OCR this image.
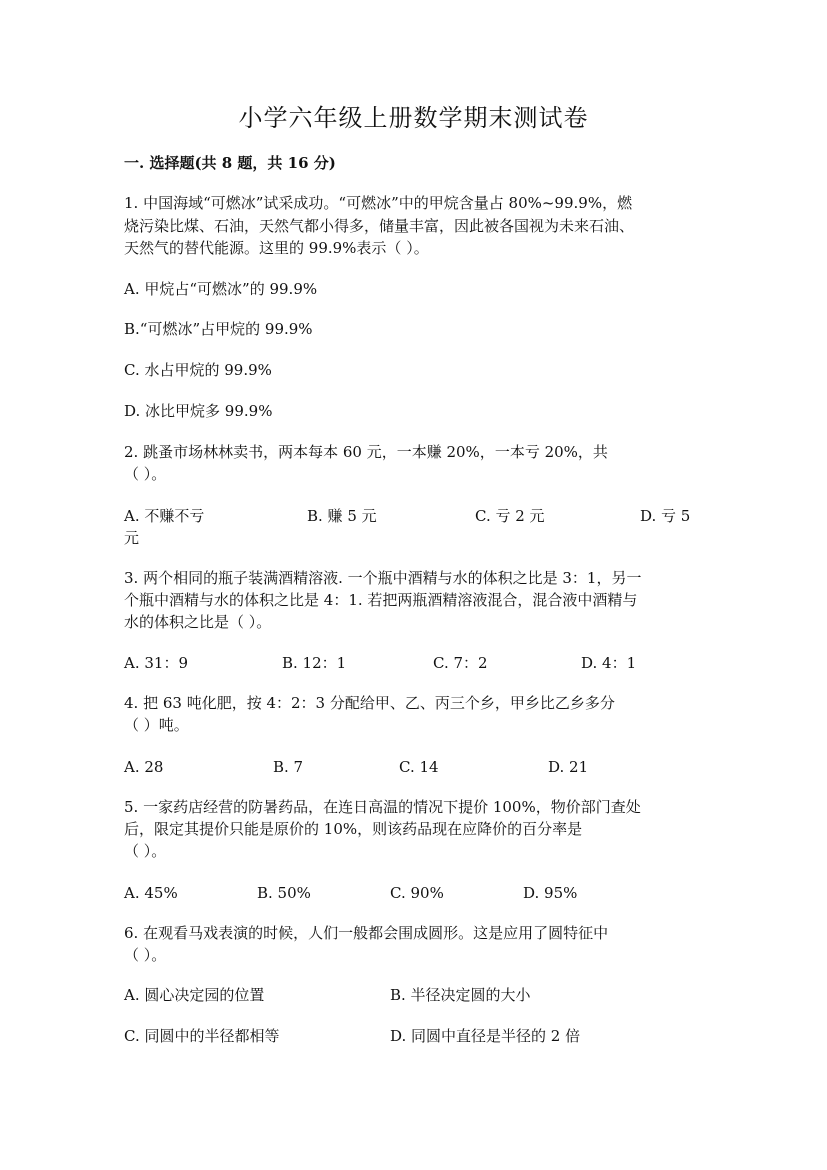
小学六年级上册数学期末测试卷
一. 选择题(共 8 题，共 16 分)
1. 中国海域“可燃冰”试采成功。“可燃冰”中的甲烷含量占 80%~99.9%，燃
烧污染比煤、石油，天然气都小得多，储量丰富，因此被各国视为未来石油、
天然气的替代能源。这里的 99.9%表示（ ）。
A. 甲烷占“可燃冰”的 99.9%
B.“可燃冰”占甲烷的 99.9%
C. 水占甲烷的 99.9%
D. 冰比甲烷多 99.9%
2. 跳蚤市场林林卖书，两本每本 60 元，一本赚 20%，一本亏 20%，共
（ ）。
A. 不赚不亏	B. 赚 5 元	C. 亏 2 元	D. 亏 5
元
3. 两个相同的瓶子装满酒精溶液. 一个瓶中酒精与水的体积之比是 3：1，另一
个瓶中酒精与水的体积之比是 4：1. 若把两瓶酒精溶液混合，混合液中酒精与
水的体积之比是（ ）。
A. 31：9	B. 12：1	C. 7：2	D. 4：1
4. 把 63 吨化肥，按 4：2：3 分配给甲、乙、丙三个乡，甲乡比乙乡多分
（ ）吨。
A. 28	B. 7	C. 14	D. 21
5. 一家药店经营的防暑药品，在连日高温的情况下提价 100%，物价部门查处
后，限定其提价只能是原价的 10%，则该药品现在应降价的百分率是
（ ）。
A. 45%	B. 50%	C. 90%	D. 95%
6. 在观看马戏表演的时候，人们一般都会围成圆形。这是应用了圆特征中
（ ）。
A. 圆心决定园的位置	B. 半径决定圆的大小
C. 同圆中的半径都相等	D. 同圆中直径是半径的 2 倍
